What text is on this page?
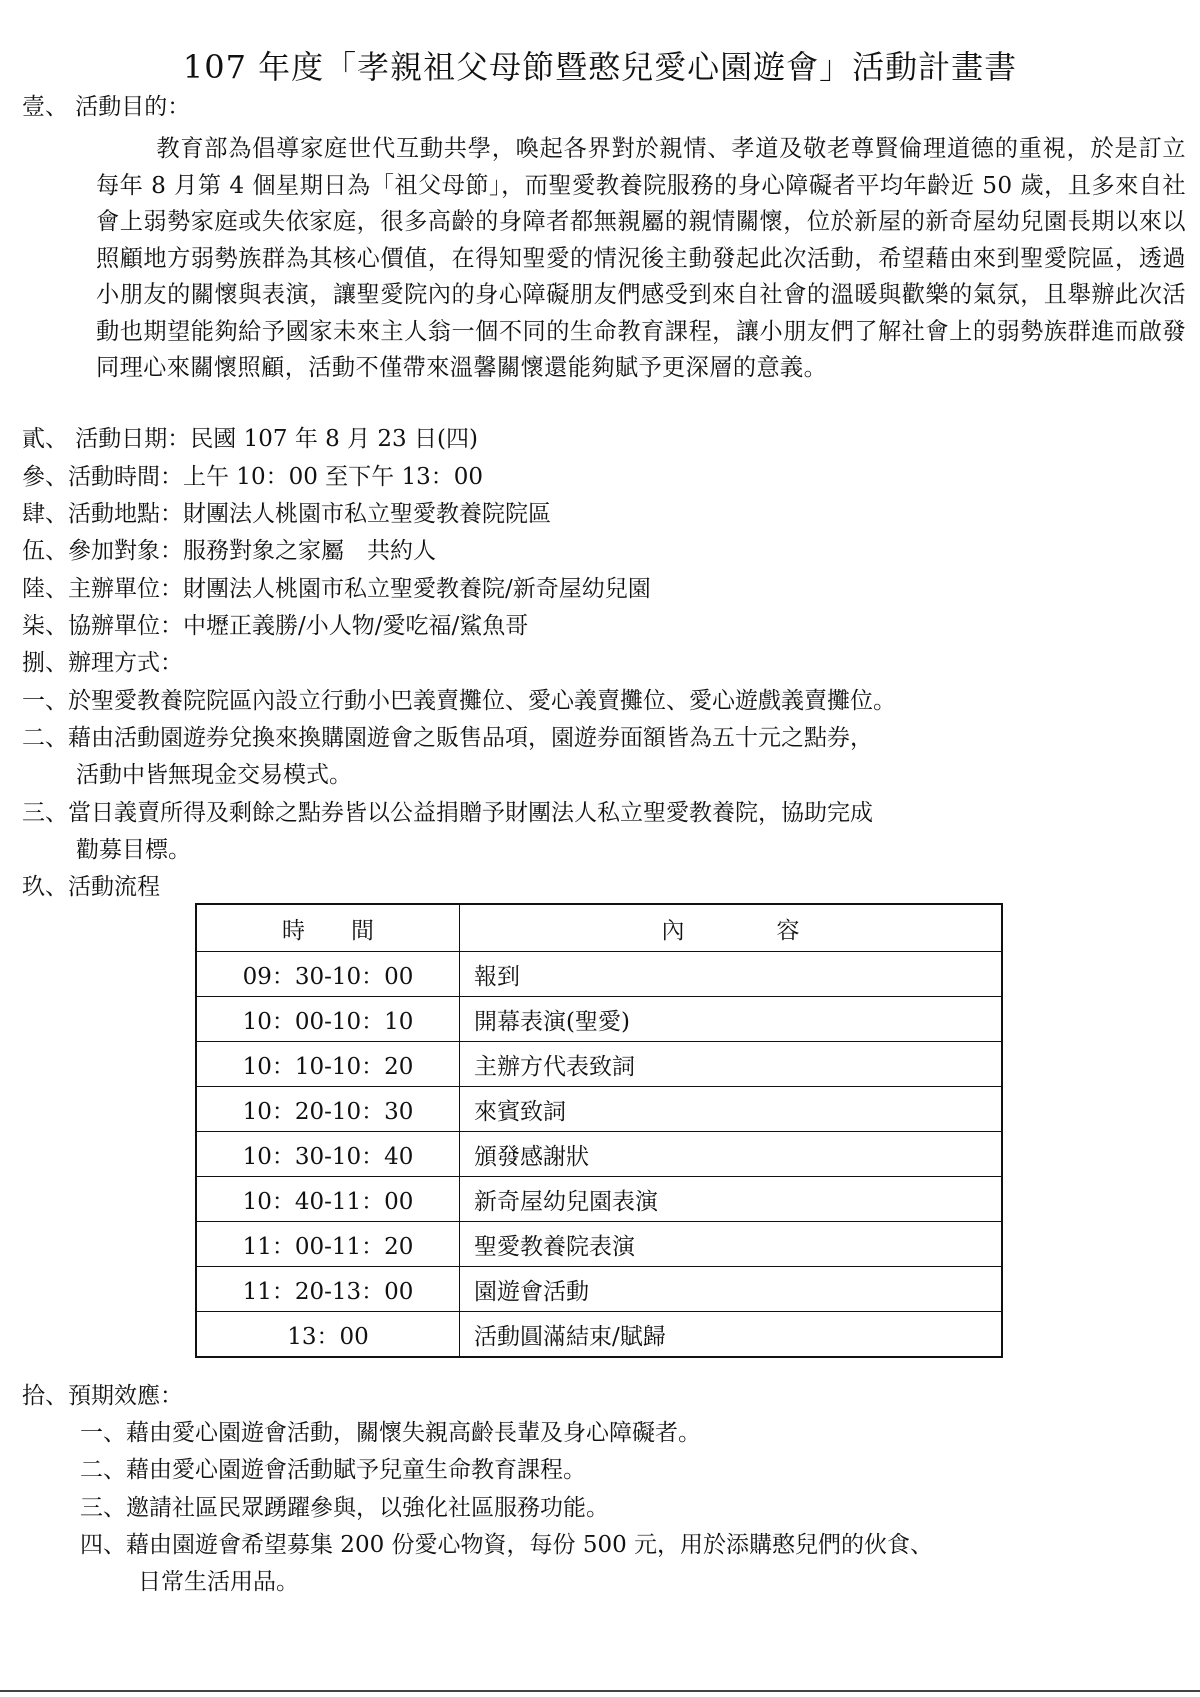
107 年度「孝親祖父母節暨憨兒愛心園遊會」活動計畫書
壹、 活動目的：

教育部為倡導家庭世代互動共學，喚起各界對於親情、孝道及敬老尊賢倫理道德的重視，於是訂立每年 8 月第 4 個星期日為「祖父母節」，而聖愛教養院服務的身心障礙者平均年齡近 50 歲，且多來自社會上弱勢家庭或失依家庭，很多高齡的身障者都無親屬的親情關懷，位於新屋的新奇屋幼兒園長期以來以照顧地方弱勢族群為其核心價值，在得知聖愛的情況後主動發起此次活動，希望藉由來到聖愛院區，透過小朋友的關懷與表演，讓聖愛院內的身心障礙朋友們感受到來自社會的溫暖與歡樂的氣氛，且舉辦此次活動也期望能夠給予國家未來主人翁一個不同的生命教育課程，讓小朋友們了解社會上的弱勢族群進而啟發同理心來關懷照顧，活動不僅帶來溫馨關懷還能夠賦予更深層的意義。

貳、 活動日期：民國 107 年 8 月 23 日(四)
參、活動時間：上午 10：00 至下午 13：00
肆、活動地點：財團法人桃園市私立聖愛教養院院區
伍、參加對象：服務對象之家屬　共約人
陸、主辦單位：財團法人桃園市私立聖愛教養院/新奇屋幼兒園
柒、協辦單位：中壢正義勝/小人物/愛吃福/鯊魚哥
捌、辦理方式：
一、於聖愛教養院院區內設立行動小巴義賣攤位、愛心義賣攤位、愛心遊戲義賣攤位。
二、藉由活動園遊券兌換來換購園遊會之販售品項，園遊券面額皆為五十元之點券，
活動中皆無現金交易模式。
三、當日義賣所得及剩餘之點券皆以公益捐贈予財團法人私立聖愛教養院，協助完成
勸募目標。
玖、活動流程
時　　間	內　　　　容
09：30-10：00	報到
10：00-10：10	開幕表演(聖愛)
10：10-10：20	主辦方代表致詞
10：20-10：30	來賓致詞
10：30-10：40	頒發感謝狀
10：40-11：00	新奇屋幼兒園表演
11：00-11：20	聖愛教養院表演
11：20-13：00	園遊會活動
13：00	活動圓滿結束/賦歸
拾、預期效應：
一、藉由愛心園遊會活動，關懷失親高齡長輩及身心障礙者。
二、藉由愛心園遊會活動賦予兒童生命教育課程。
三、邀請社區民眾踴躍參與，以強化社區服務功能。
四、藉由園遊會希望募集 200 份愛心物資，每份 500 元，用於添購憨兒們的伙食、
日常生活用品。
